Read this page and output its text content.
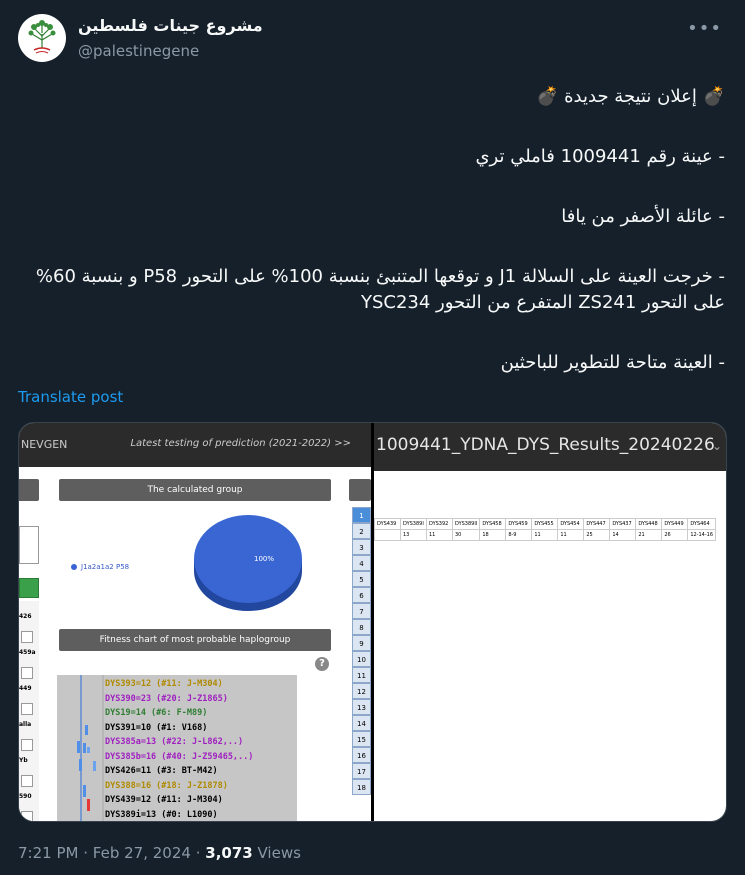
مشروع جينات فلسطين
@palestinegene
•••

💣 إعلان نتيجة جديدة 💣

- عينة رقم 1009441 فاملي تري

- عائلة الأصفر من يافا

- خرجت العينة على السلالة J1 و توقعها المتنبئ بنسبة 100% على التحور P58 و بنسبة 60% على التحور ZS241 المتفرع من التحور YSC234

- العينة متاحة للتطوير للباحثين

Translate post
NEVGEN	Latest testing of prediction (2021-2022) >>
The calculated group
2-
J1a2a1a2 P58
100%
Fitness chart of most probable haplogroup
?
DYS393=12 (#11: J-M304)
DYS390=23 (#20: J-Z1865)
DYS19=14 (#6: F-M89)
DYS391=10 (#1: V168)
DYS385a=13 (#22: J-L862,..)
DYS385b=16 (#40: J-Z59465,..)
DYS426=11 (#3: BT-M42)
DYS388=16 (#18: J-Z1878)
DYS439=12 (#11: J-M304)
DYS389i=13 (#0: L1090)
426
459a
449
alla
Yb
590
1
2
3
4
5
6
7
8
9
10
11
12
13
14
15
16
17
18
1009441_YDNA_DYS_Results_20240226
⌄
DYS439	DYS389I	DYS392	DYS389II	DYS458	DYS459	DYS455	DYS454	DYS447	DYS437	DYS448	DYS449	DYS464
	13	11	30	18	8-9	11	11	25	14	21	26	12-14-16
7:21 PM · Feb 27, 2024 · 3,073 Views
